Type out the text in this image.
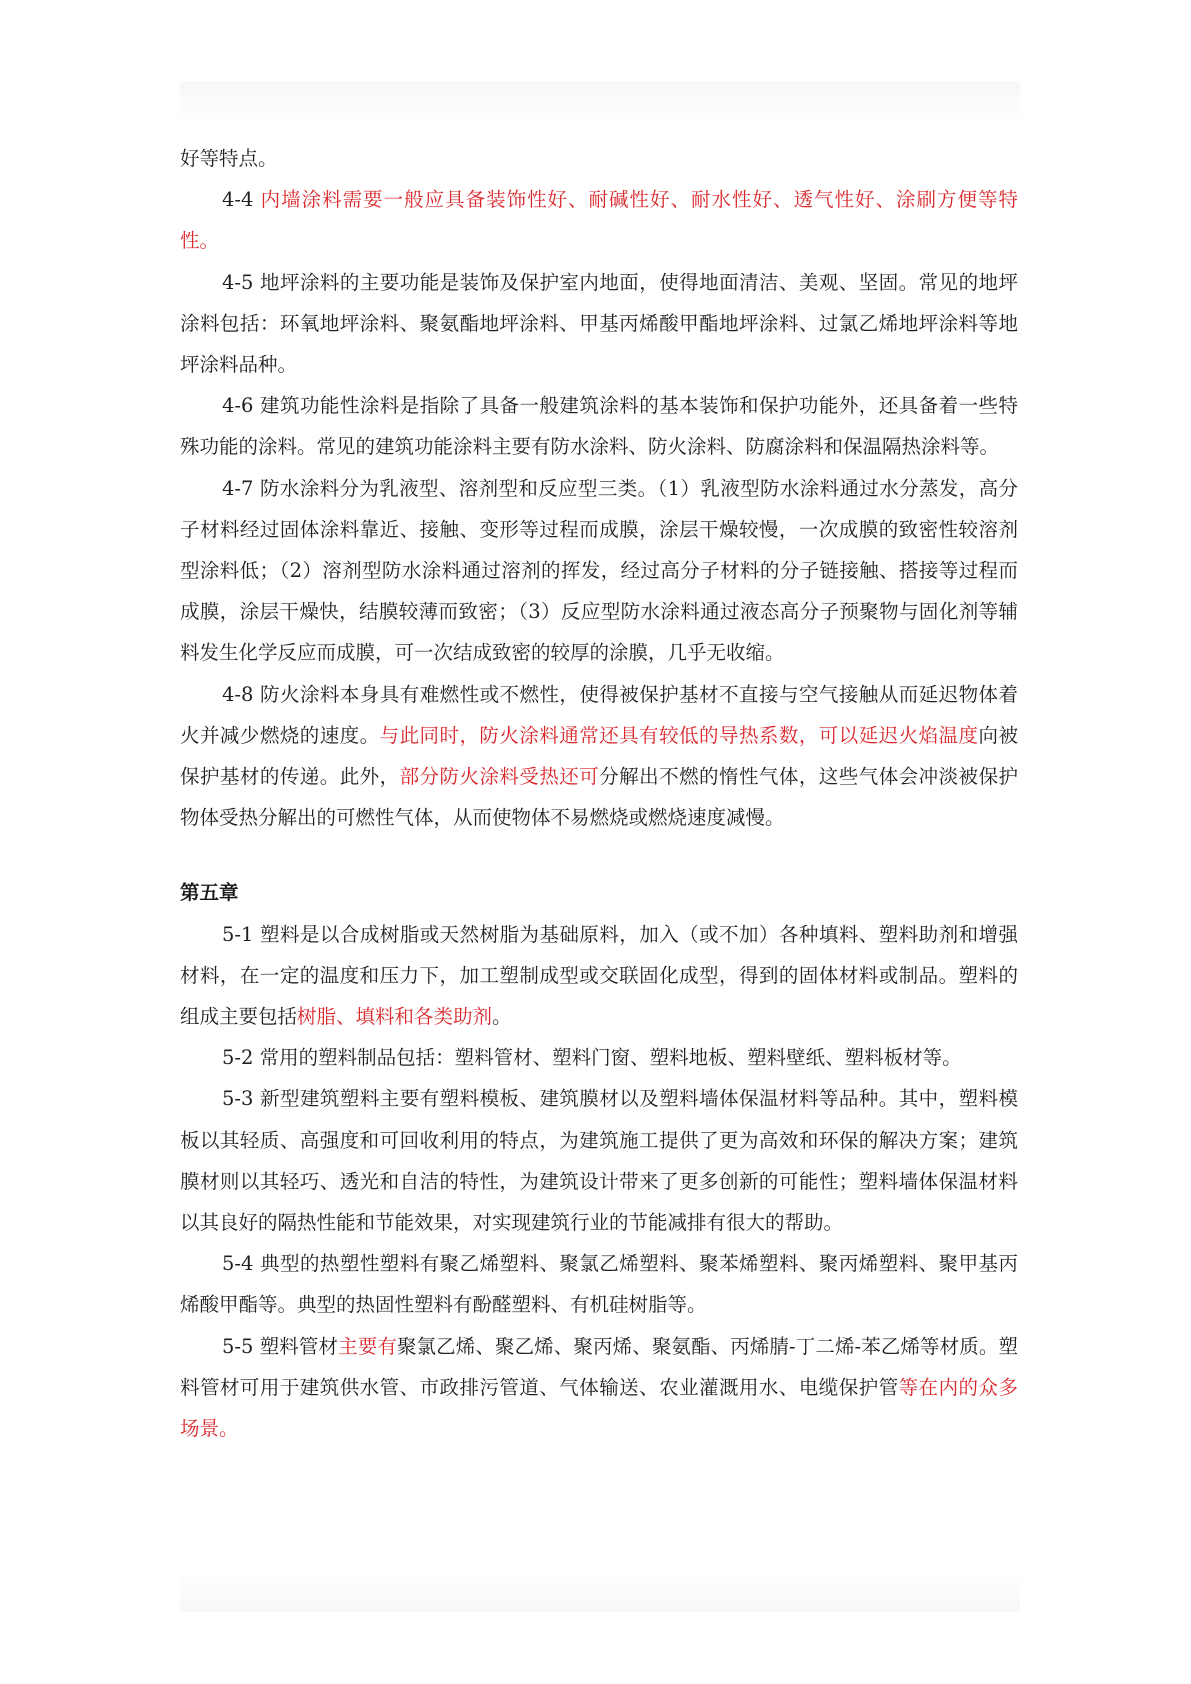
好等特点。

4-4 内墙涂料需要一般应具备装饰性好、耐碱性好、耐水性好、透气性好、涂刷方便等特性。

4-5 地坪涂料的主要功能是装饰及保护室内地面，使得地面清洁、美观、坚固。常见的地坪涂料包括：环氧地坪涂料、聚氨酯地坪涂料、甲基丙烯酸甲酯地坪涂料、过氯乙烯地坪涂料等地坪涂料品种。

4-6 建筑功能性涂料是指除了具备一般建筑涂料的基本装饰和保护功能外，还具备着一些特殊功能的涂料。常见的建筑功能涂料主要有防水涂料、防火涂料、防腐涂料和保温隔热涂料等。

4-7 防水涂料分为乳液型、溶剂型和反应型三类。（1）乳液型防水涂料通过水分蒸发，高分子材料经过固体涂料靠近、接触、变形等过程而成膜，涂层干燥较慢，一次成膜的致密性较溶剂型涂料低；（2）溶剂型防水涂料通过溶剂的挥发，经过高分子材料的分子链接触、搭接等过程而成膜，涂层干燥快，结膜较薄而致密；（3）反应型防水涂料通过液态高分子预聚物与固化剂等辅料发生化学反应而成膜，可一次结成致密的较厚的涂膜，几乎无收缩。

4-8 防火涂料本身具有难燃性或不燃性，使得被保护基材不直接与空气接触从而延迟物体着火并减少燃烧的速度。与此同时，防火涂料通常还具有较低的导热系数，可以延迟火焰温度向被保护基材的传递。此外，部分防火涂料受热还可分解出不燃的惰性气体，这些气体会冲淡被保护物体受热分解出的可燃性气体，从而使物体不易燃烧或燃烧速度减慢。

第五章

5-1 塑料是以合成树脂或天然树脂为基础原料，加入（或不加）各种填料、塑料助剂和增强材料，在一定的温度和压力下，加工塑制成型或交联固化成型，得到的固体材料或制品。塑料的组成主要包括树脂、填料和各类助剂。

5-2 常用的塑料制品包括：塑料管材、塑料门窗、塑料地板、塑料壁纸、塑料板材等。

5-3 新型建筑塑料主要有塑料模板、建筑膜材以及塑料墙体保温材料等品种。其中，塑料模板以其轻质、高强度和可回收利用的特点，为建筑施工提供了更为高效和环保的解决方案；建筑膜材则以其轻巧、透光和自洁的特性，为建筑设计带来了更多创新的可能性；塑料墙体保温材料以其良好的隔热性能和节能效果，对实现建筑行业的节能减排有很大的帮助。

5-4 典型的热塑性塑料有聚乙烯塑料、聚氯乙烯塑料、聚苯烯塑料、聚丙烯塑料、聚甲基丙烯酸甲酯等。典型的热固性塑料有酚醛塑料、有机硅树脂等。

5-5 塑料管材主要有聚氯乙烯、聚乙烯、聚丙烯、聚氨酯、丙烯腈-丁二烯-苯乙烯等材质。塑料管材可用于建筑供水管、市政排污管道、气体输送、农业灌溉用水、电缆保护管等在内的众多场景。
